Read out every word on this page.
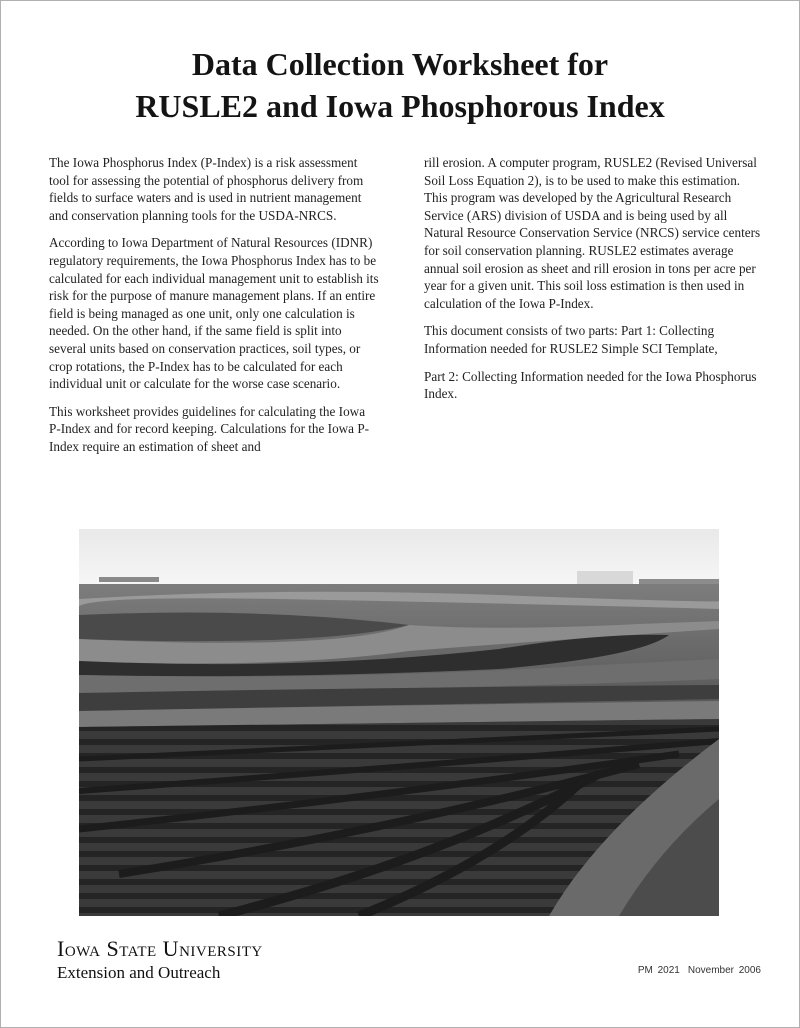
Data Collection Worksheet for
RUSLE2 and Iowa Phosphorous Index

The Iowa Phosphorus Index (P-Index) is a risk assessment tool for assessing the potential of phosphorus delivery from fields to surface waters and is used in nutrient management and conservation planning tools for the USDA-NRCS.

According to Iowa Department of Natural Resources (IDNR) regulatory requirements, the Iowa Phosphorus Index has to be calculated for each individual management unit to establish its risk for the purpose of manure management plans. If an entire field is being managed as one unit, only one calculation is needed. On the other hand, if the same field is split into several units based on conservation practices, soil types, or crop rotations, the P-Index has to be calculated for each individual unit or calculate for the worse case scenario.

This worksheet provides guidelines for calculating the Iowa P-Index and for record keeping. Calculations for the Iowa P-Index require an estimation of sheet and

rill erosion. A computer program, RUSLE2 (Revised Universal Soil Loss Equation 2), is to be used to make this estimation. This program was developed by the Agricultural Research Service (ARS) division of USDA and is being used by all Natural Resource Conservation Service (NRCS) service centers for soil conservation planning. RUSLE2 estimates average annual soil erosion as sheet and rill erosion in tons per acre per year for a given unit. This soil loss estimation is then used in calculation of the Iowa P-Index.

This document consists of two parts: Part 1: Collecting Information needed for RUSLE2 Simple SCI Template,

Part 2: Collecting Information needed for the Iowa Phosphorus Index.

Iowa State University
Extension and Outreach	PM 2021 November 2006
